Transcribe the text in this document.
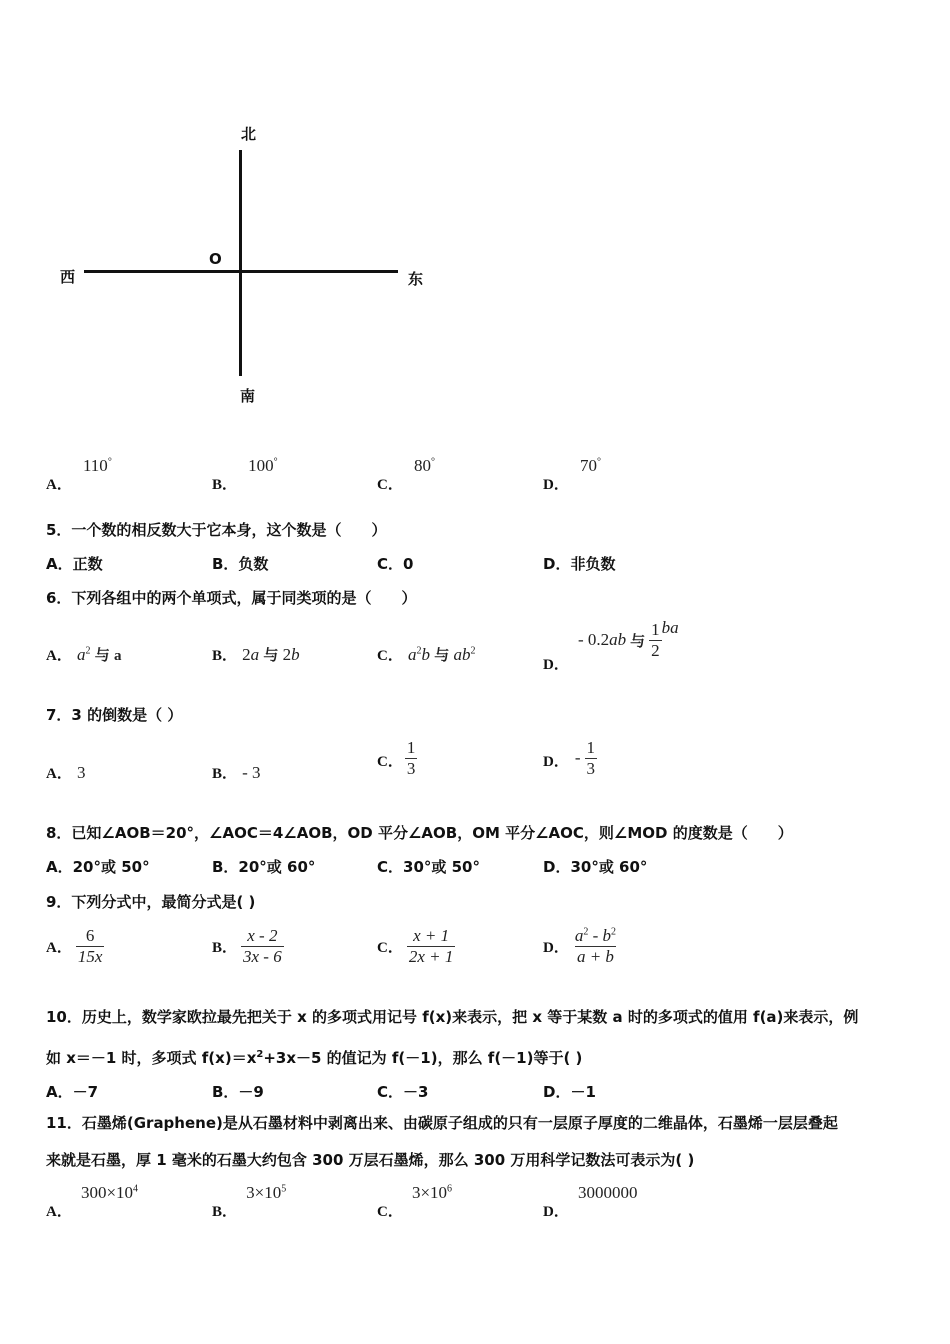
北
南
东
西
O
A． 110°
B． 100°
C． 80°
D． 70°
5．一个数的相反数大于它本身，这个数是（　　）
A．正数	B．负数	C．0	D．非负数
6．下列各组中的两个单项式，属于同类项的是（　　）
A． $a^2$ 与 a	B． 2a 与 2b	C． $a^2b$ 与 $ab^2$
D．
- 0.2 ab 与 $\frac{1}{2}$ ba
7．3 的倒数是（ ）
A． 3	B． - 3
C． $\frac{1}{3}$	D． - $\frac{1}{3}$
8．已知∠AOB＝20°，∠AOC＝4∠AOB，OD 平分∠AOB，OM 平分∠AOC，则∠MOD 的度数是（　　）
A．20°或 50°	B．20°或 60°	C．30°或 50°	D．30°或 60°
9．下列分式中，最简分式是( )
A． $\frac{6}{15x}$	B． $\frac{x - 2}{3x - 6}$	C． $\frac{x + 1}{2x + 1}$	D． $\frac{a^2 - b^2}{a + b}$
10．历史上，数学家欧拉最先把关于 x 的多项式用记号 f(x)来表示，把 x 等于某数 a 时的多项式的值用 f(a)来表示，例
如 x＝－1 时，多项式 $f(x)=x^2+3x-5$ 的值记为 f(－1)，那么 f(－1)等于( )
A．－7	B．－9	C．－3	D．－1
11．石墨烯(Graphene)是从石墨材料中剥离出来、由碳原子组成的只有一层原子厚度的二维晶体，石墨烯一层层叠起
来就是石墨，厚 1 毫米的石墨大约包含 300 万层石墨烯，那么 300 万用科学记数法可表示为( )
A． $300\times 10^4$
B． $3\times 10^5$
C． $3\times 10^6$
D． 3000000
